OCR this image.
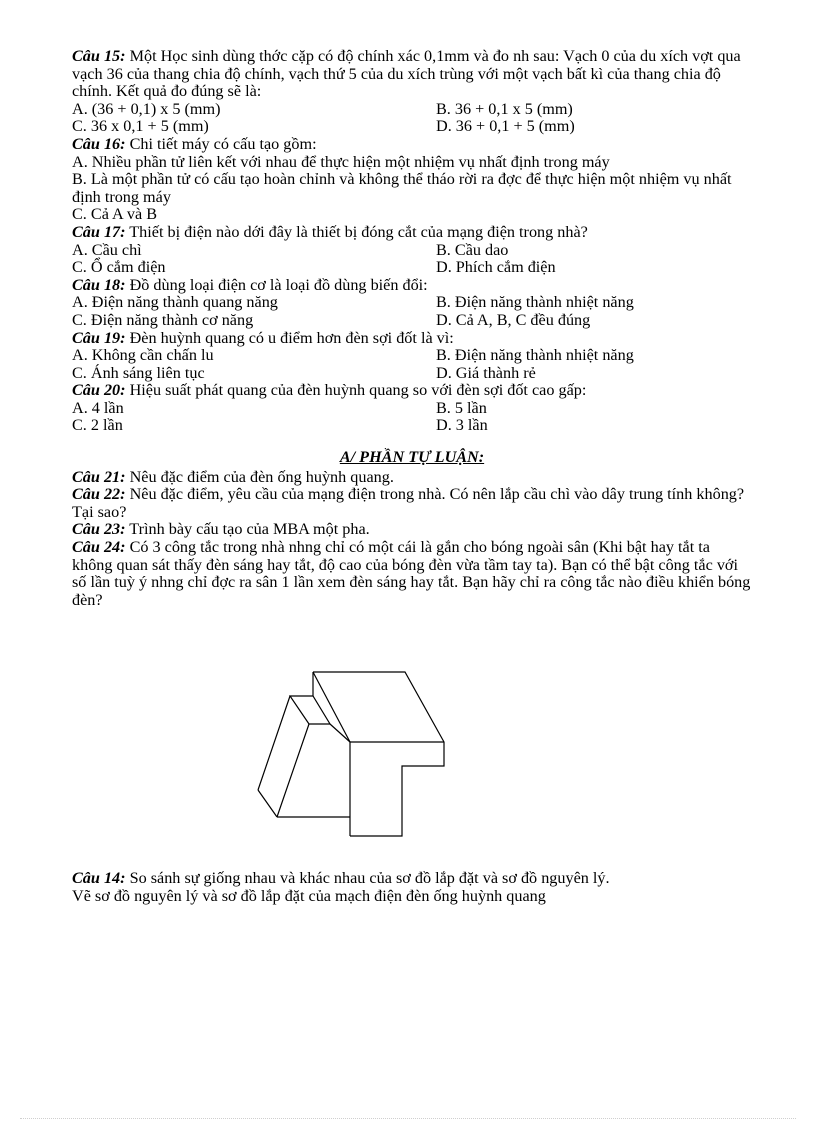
Câu 15: Một Học sinh dùng thớc cặp có độ chính xác 0,1mm và đo nh sau: Vạch 0 của du xích vợt qua vạch 36 của thang chia độ chính, vạch thứ 5 của du xích trùng với một vạch bất kì của thang chia độ chính. Kết quả đo đúng sẽ là:
A. (36 + 0,1) x 5 (mm)	B. 36 + 0,1 x 5 (mm)
C. 36 x 0,1 + 5 (mm)	D. 36 + 0,1 + 5 (mm)
Câu 16: Chi tiết máy có cấu tạo gồm:
A. Nhiều phần tử liên kết với nhau để thực hiện một nhiệm vụ nhất định trong máy
B. Là một phần tử có cấu tạo hoàn chỉnh và không thể tháo rời ra đợc để thực hiện một nhiệm vụ nhất định trong máy
C. Cả A và B
Câu 17: Thiết bị điện nào dới đây là thiết bị đóng cắt của mạng điện trong nhà?
A. Cầu chì	B. Cầu dao
C. Ổ cắm điện	D. Phích cắm điện
Câu 18: Đồ dùng loại điện cơ là loại đồ dùng biến đổi:
A. Điện năng thành quang năng	B. Điện năng thành nhiệt năng
C. Điện năng thành cơ năng	D. Cả A, B, C đều đúng
Câu 19: Đèn huỳnh quang có u điểm hơn đèn sợi đốt là vì:
A. Không cần chấn lu	B. Điện năng thành nhiệt năng
C. Ánh sáng liên tục	D. Giá thành rẻ
Câu 20: Hiệu suất phát quang của đèn huỳnh quang so với đèn sợi đốt cao gấp:
A. 4 lần	B. 5 lần
C. 2 lần	D. 3 lần
A/ PHẦN TỰ LUẬN:
Câu 21: Nêu đặc điểm của đèn ống huỳnh quang.
Câu 22: Nêu đặc điểm, yêu cầu của mạng điện trong nhà. Có nên lắp cầu chì vào dây trung tính không? Tại sao?
Câu 23: Trình bày cấu tạo của MBA một pha.
Câu 24: Có 3 công tắc trong nhà nhng chỉ có một cái là gắn cho bóng ngoài sân (Khi bật hay tắt ta không quan sát thấy đèn sáng hay tắt, độ cao của bóng đèn vừa tầm tay ta). Bạn có thể bật công tắc với số lần tuỳ ý nhng chỉ đợc ra sân 1 lần xem đèn sáng hay tắt. Bạn hãy chỉ ra công tắc nào điều khiển bóng đèn?
Câu 14: So sánh sự giống nhau và khác nhau của sơ đồ lắp đặt và sơ đồ nguyên lý.
Vẽ sơ đồ nguyên lý và sơ đồ lắp đặt của mạch điện đèn ống huỳnh quang
